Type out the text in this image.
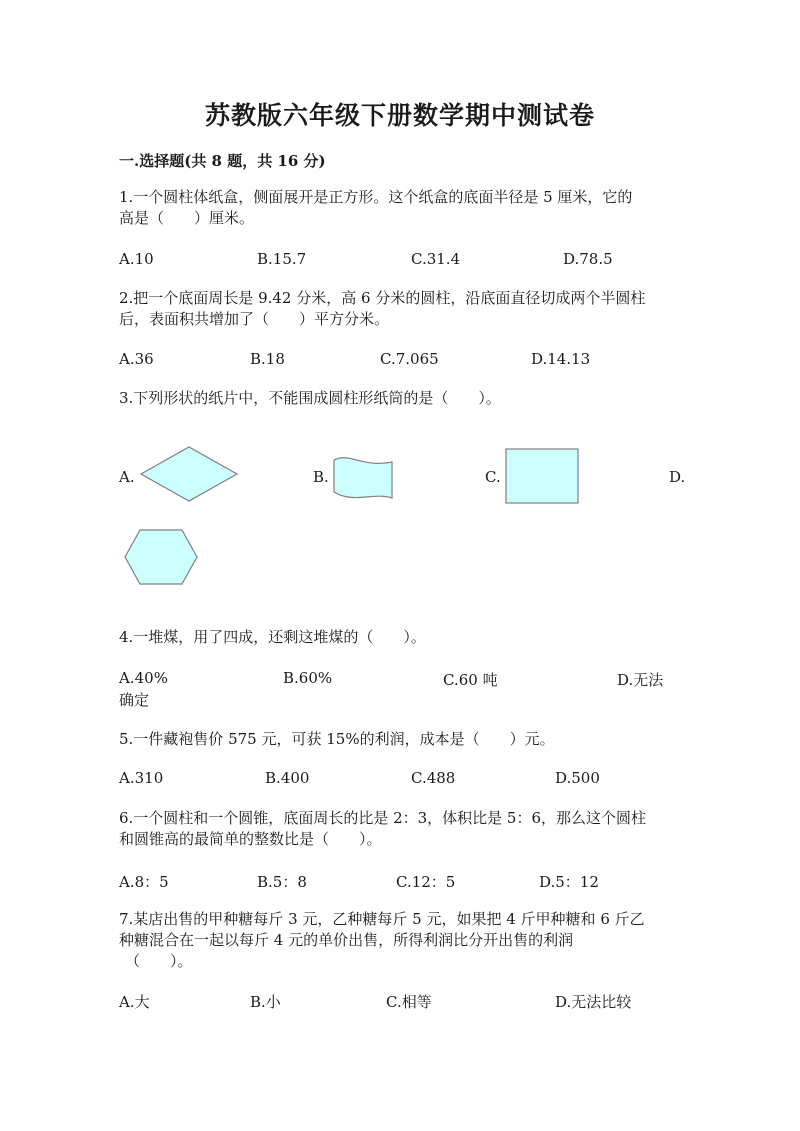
苏教版六年级下册数学期中测试卷
一.选择题(共 8 题，共 16 分)
1.一个圆柱体纸盒，侧面展开是正方形。这个纸盒的底面半径是 5 厘米，它的
高是（　　）厘米。
A.10	B.15.7	C.31.4	D.78.5
2.把一个底面周长是 9.42 分米，高 6 分米的圆柱，沿底面直径切成两个半圆柱
后，表面积共增加了（　　）平方分米。
A.36	B.18	C.7.065	D.14.13
3.下列形状的纸片中，不能围成圆柱形纸筒的是（　　）。
A.	B.	C.	D.
4.一堆煤，用了四成，还剩这堆煤的（　　）。
A.40%	B.60%	C.60 吨	D.无法
确定
5.一件藏袍售价 575 元，可获 15%的利润，成本是（　　）元。
A.310	B.400	C.488	D.500
6.一个圆柱和一个圆锥，底面周长的比是 2：3，体积比是 5：6，那么这个圆柱
和圆锥高的最简单的整数比是（　　）。
A.8：5	B.5：8	C.12：5	D.5：12
7.某店出售的甲种糖每斤 3 元，乙种糖每斤 5 元，如果把 4 斤甲种糖和 6 斤乙
种糖混合在一起以每斤 4 元的单价出售，所得利润比分开出售的利润
（　　）。
A.大	B.小	C.相等	D.无法比较
